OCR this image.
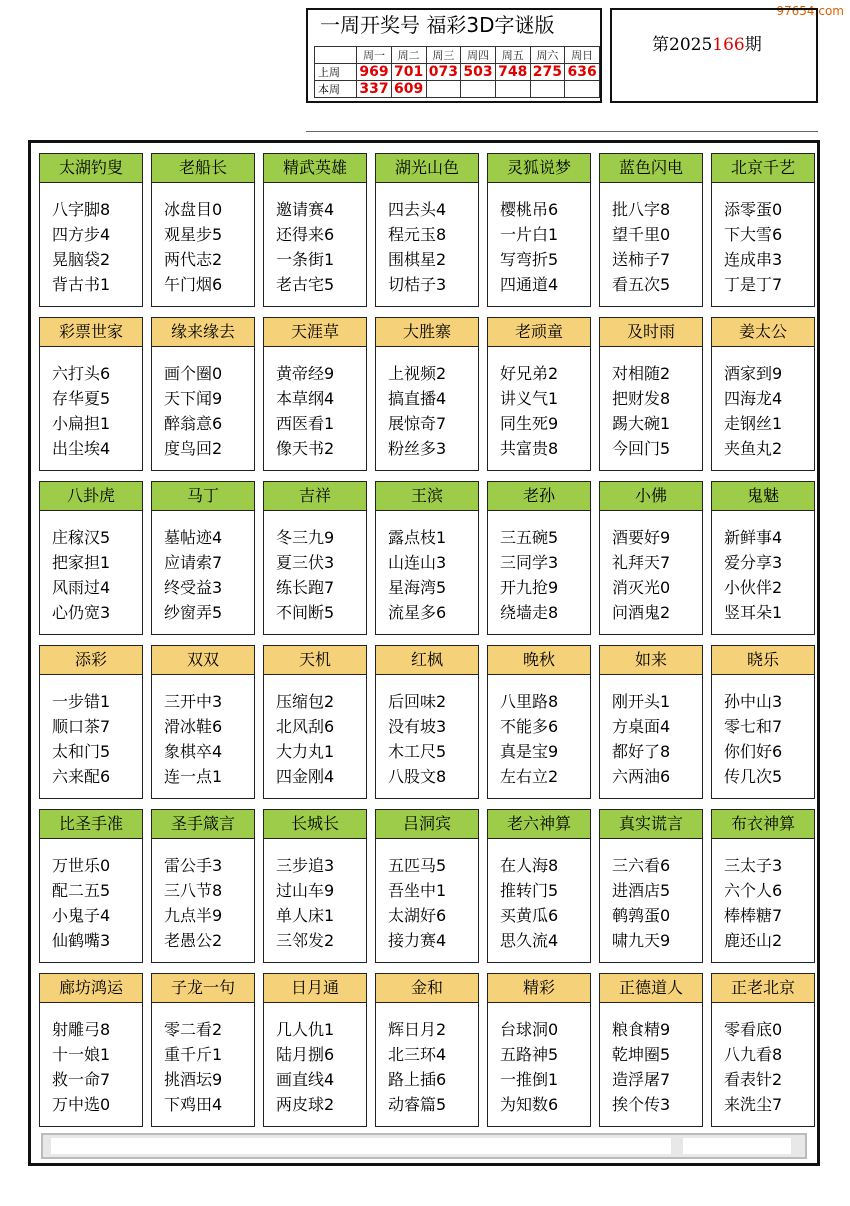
97654.com
一周开奖号 福彩3D字谜版
	周一	周二	周三	周四	周五	周六	周日
上周	969	701	073	503	748	275	636
本周	337	609					
第2025166期
太湖钓叟
八字脚8
四方步4
晃脑袋2
背古书1
老船长
冰盘目0
观星步5
两代志2
午门烟6
精武英雄
邀请赛4
还得来6
一条街1
老古宅5
湖光山色
四去头4
程元玉8
围棋星2
切桔子3
灵狐说梦
樱桃吊6
一片白1
写弯折5
四通道4
蓝色闪电
批八字8
望千里0
送柿子7
看五次5
北京千艺
添零蛋0
下大雪6
连成串3
丁是丁7
彩票世家
六打头6
存华夏5
小扁担1
出尘埃4
缘来缘去
画个圈0
天下闻9
醉翁意6
度鸟回2
天涯草
黄帝经9
本草纲4
西医看1
像天书2
大胜寨
上视频2
搞直播4
展惊奇7
粉丝多3
老顽童
好兄弟2
讲义气1
同生死9
共富贵8
及时雨
对相随2
把财发8
踢大碗1
今回门5
姜太公
酒家到9
四海龙4
走钢丝1
夹鱼丸2
八卦虎
庄稼汉5
把家担1
风雨过4
心仍宽3
马丁
墓帖迹4
应请索7
终受益3
纱窗弄5
吉祥
冬三九9
夏三伏3
练长跑7
不间断5
王滨
露点枝1
山连山3
星海湾5
流星多6
老孙
三五碗5
三同学3
开九抢9
绕墙走8
小佛
酒要好9
礼拜天7
消灭光0
问酒鬼2
鬼魅
新鲜事4
爱分享3
小伙伴2
竖耳朵1
添彩
一步错1
顺口茶7
太和门5
六来配6
双双
三开中3
滑冰鞋6
象棋卒4
连一点1
天机
压缩包2
北风刮6
大力丸1
四金刚4
红枫
后回味2
没有坡3
木工尺5
八股文8
晚秋
八里路8
不能多6
真是宝9
左右立2
如来
刚开头1
方桌面4
都好了8
六两油6
晓乐
孙中山3
零七和7
你们好6
传几次5
比圣手准
万世乐0
配二五5
小鬼子4
仙鹤嘴3
圣手箴言
雷公手3
三八节8
九点半9
老愚公2
长城长
三步追3
过山车9
单人床1
三邻发2
吕洞宾
五匹马5
吾坐中1
太湖好6
接力赛4
老六神算
在人海8
推转门5
买黄瓜6
思久流4
真实谎言
三六看6
进酒店5
鹌鹑蛋0
啸九天9
布衣神算
三太子3
六个人6
棒棒糖7
鹿还山2
廊坊鸿运
射雕弓8
十一娘1
救一命7
万中选0
子龙一句
零二看2
重千斤1
挑酒坛9
下鸡田4
日月通
几人仇1
陆月捌6
画直线4
两皮球2
金和
辉日月2
北三环4
路上插6
动睿篇5
精彩
台球洞0
五路神5
一推倒1
为知数6
正德道人
粮食精9
乾坤圈5
造浮屠7
挨个传3
正老北京
零看底0
八九看8
看表针2
来洗尘7
